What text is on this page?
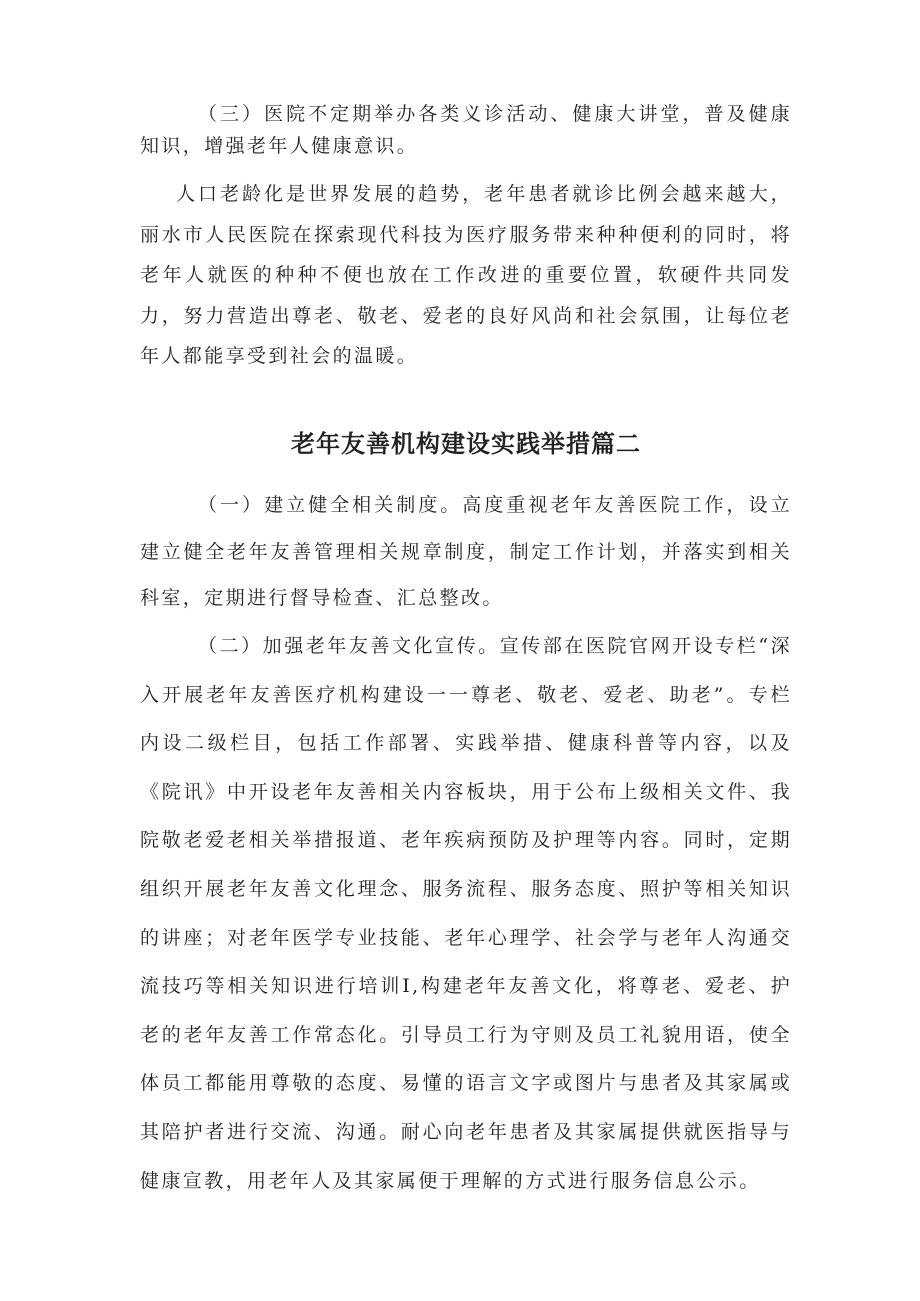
（三）医院不定期举办各类义诊活动、健康大讲堂，普及健康知识，增强老年人健康意识。

人口老龄化是世界发展的趋势，老年患者就诊比例会越来越大，丽水市人民医院在探索现代科技为医疗服务带来种种便利的同时，将老年人就医的种种不便也放在工作改进的重要位置，软硬件共同发力，努力营造出尊老、敬老、爱老的良好风尚和社会氛围，让每位老年人都能享受到社会的温暖。

老年友善机构建设实践举措篇二

（一）建立健全相关制度。高度重视老年友善医院工作，设立建立健全老年友善管理相关规章制度，制定工作计划，并落实到相关科室，定期进行督导检查、汇总整改。

（二）加强老年友善文化宣传。宣传部在医院官网开设专栏“深入开展老年友善医疗机构建设一一尊老、敬老、爱老、助老”。专栏内设二级栏目，包括工作部署、实践举措、健康科普等内容，以及《院讯》中开设老年友善相关内容板块，用于公布上级相关文件、我院敬老爱老相关举措报道、老年疾病预防及护理等内容。同时，定期组织开展老年友善文化理念、服务流程、服务态度、照护等相关知识的讲座；对老年医学专业技能、老年心理学、社会学与老年人沟通交流技巧等相关知识进行培训I,构建老年友善文化，将尊老、爱老、护老的老年友善工作常态化。引导员工行为守则及员工礼貌用语，使全体员工都能用尊敬的态度、易懂的语言文字或图片与患者及其家属或其陪护者进行交流、沟通。耐心向老年患者及其家属提供就医指导与健康宣教，用老年人及其家属便于理解的方式进行服务信息公示。
